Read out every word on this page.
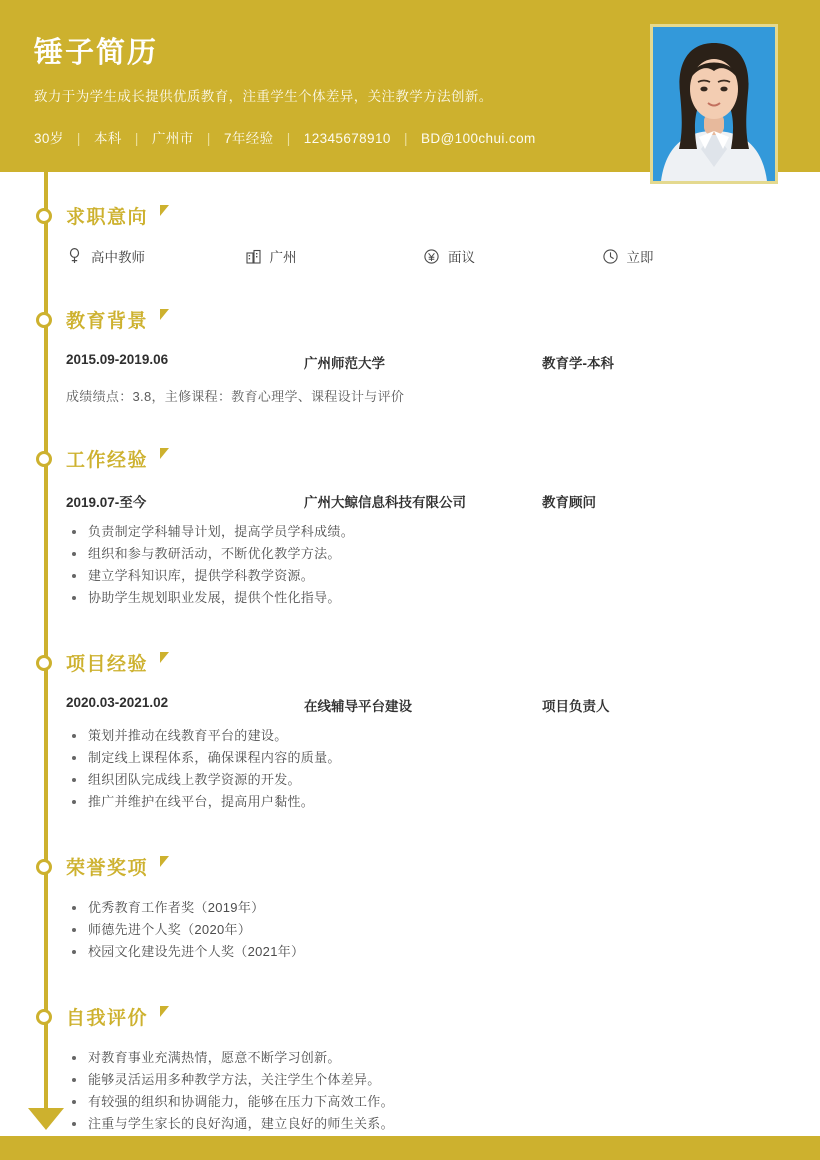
锤子简历
致力于为学生成长提供优质教育，注重学生个体差异，关注教学方法创新。
30岁 | 本科 | 广州市 | 7年经验 | 12345678910 | BD@100chui.com
求职意向
高中教师	广州	面议	立即
教育背景
2015.09-2019.06	广州师范大学	教育学-本科
成绩绩点：3.8，主修课程：教育心理学、课程设计与评价
工作经验
2019.07-至今	广州大鲸信息科技有限公司	教育顾问
负责制定学科辅导计划，提高学员学科成绩。
组织和参与教研活动，不断优化教学方法。
建立学科知识库，提供学科教学资源。
协助学生规划职业发展，提供个性化指导。
项目经验
2020.03-2021.02	在线辅导平台建设	项目负责人
策划并推动在线教育平台的建设。
制定线上课程体系，确保课程内容的质量。
组织团队完成线上教学资源的开发。
推广并维护在线平台，提高用户黏性。
荣誉奖项
优秀教育工作者奖（2019年）
师德先进个人奖（2020年）
校园文化建设先进个人奖（2021年）
自我评价
对教育事业充满热情，愿意不断学习创新。
能够灵活运用多种教学方法，关注学生个体差异。
有较强的组织和协调能力，能够在压力下高效工作。
注重与学生家长的良好沟通，建立良好的师生关系。
